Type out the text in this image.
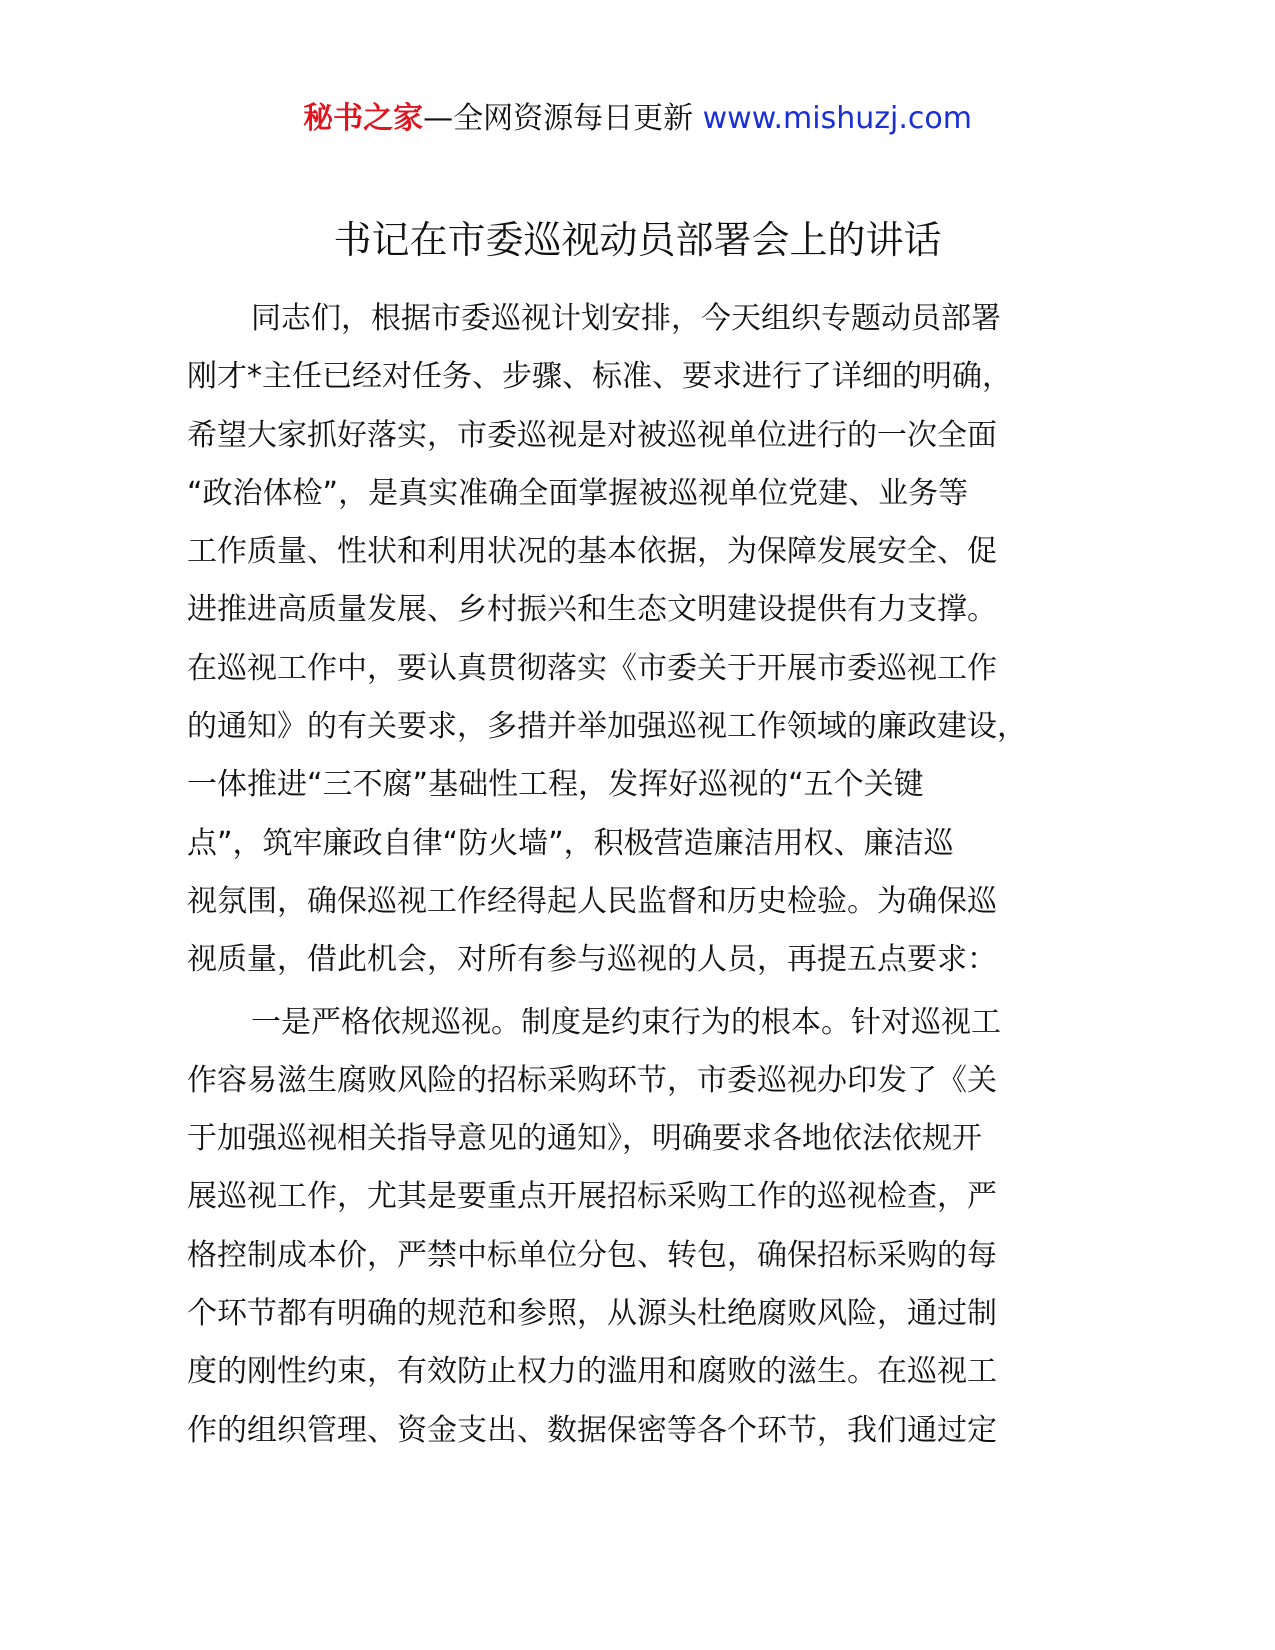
秘书之家—全网资源每日更新 www.mishuzj.com
书记在市委巡视动员部署会上的讲话

同志们，根据市委巡视计划安排，今天组织专题动员部署
刚才*主任已经对任务、步骤、标准、要求进行了详细的明确，
希望大家抓好落实，市委巡视是对被巡视单位进行的一次全面
“政治体检”，是真实准确全面掌握被巡视单位党建、业务等
工作质量、性状和利用状况的基本依据，为保障发展安全、促
进推进高质量发展、乡村振兴和生态文明建设提供有力支撑。
在巡视工作中，要认真贯彻落实《市委关于开展市委巡视工作
的通知》的有关要求，多措并举加强巡视工作领域的廉政建设，
一体推进“三不腐”基础性工程，发挥好巡视的“五个关键
点”，筑牢廉政自律“防火墙”，积极营造廉洁用权、廉洁巡
视氛围，确保巡视工作经得起人民监督和历史检验。为确保巡
视质量，借此机会，对所有参与巡视的人员，再提五点要求：

一是严格依规巡视。制度是约束行为的根本。针对巡视工
作容易滋生腐败风险的招标采购环节，市委巡视办印发了《关
于加强巡视相关指导意见的通知》，明确要求各地依法依规开
展巡视工作，尤其是要重点开展招标采购工作的巡视检查，严
格控制成本价，严禁中标单位分包、转包，确保招标采购的每
个环节都有明确的规范和参照，从源头杜绝腐败风险，通过制
度的刚性约束，有效防止权力的滥用和腐败的滋生。在巡视工
作的组织管理、资金支出、数据保密等各个环节，我们通过定
